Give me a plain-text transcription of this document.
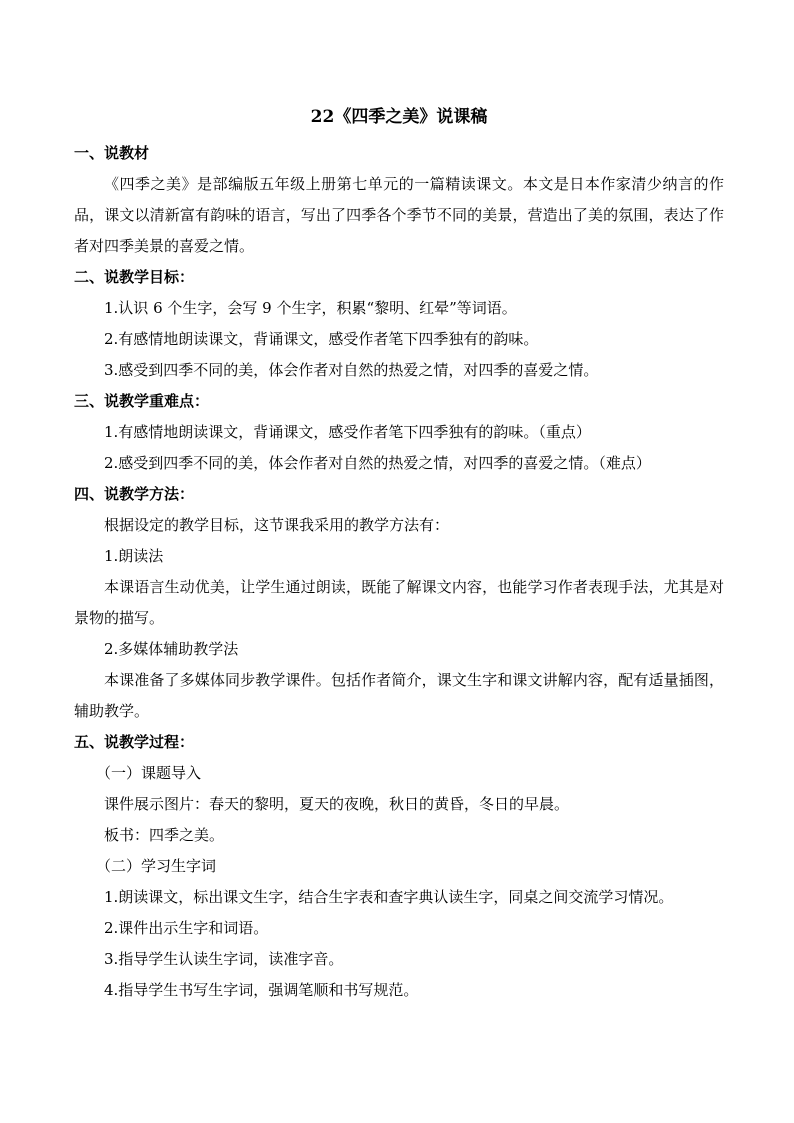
22《四季之美》说课稿
一、说教材

《四季之美》是部编版五年级上册第七单元的一篇精读课文。本文是日本作家清少纳言的作品，课文以清新富有韵味的语言，写出了四季各个季节不同的美景，营造出了美的氛围，表达了作者对四季美景的喜爱之情。

二、说教学目标：

1.认识 6 个生字，会写 9 个生字，积累“黎明、红晕”等词语。

2.有感情地朗读课文，背诵课文，感受作者笔下四季独有的韵味。

3.感受到四季不同的美，体会作者对自然的热爱之情，对四季的喜爱之情。

三、说教学重难点：

1.有感情地朗读课文，背诵课文，感受作者笔下四季独有的韵味。（重点）

2.感受到四季不同的美，体会作者对自然的热爱之情，对四季的喜爱之情。（难点）

四、说教学方法：

根据设定的教学目标，这节课我采用的教学方法有：

1.朗读法

本课语言生动优美，让学生通过朗读，既能了解课文内容，也能学习作者表现手法，尤其是对景物的描写。

2.多媒体辅助教学法

本课准备了多媒体同步教学课件。包括作者简介，课文生字和课文讲解内容，配有适量插图，辅助教学。

五、说教学过程：

（一）课题导入

课件展示图片：春天的黎明，夏天的夜晚，秋日的黄昏，冬日的早晨。

板书：四季之美。

（二）学习生字词

1.朗读课文，标出课文生字，结合生字表和查字典认读生字，同桌之间交流学习情况。

2.课件出示生字和词语。

3.指导学生认读生字词，读准字音。

4.指导学生书写生字词，强调笔顺和书写规范。
